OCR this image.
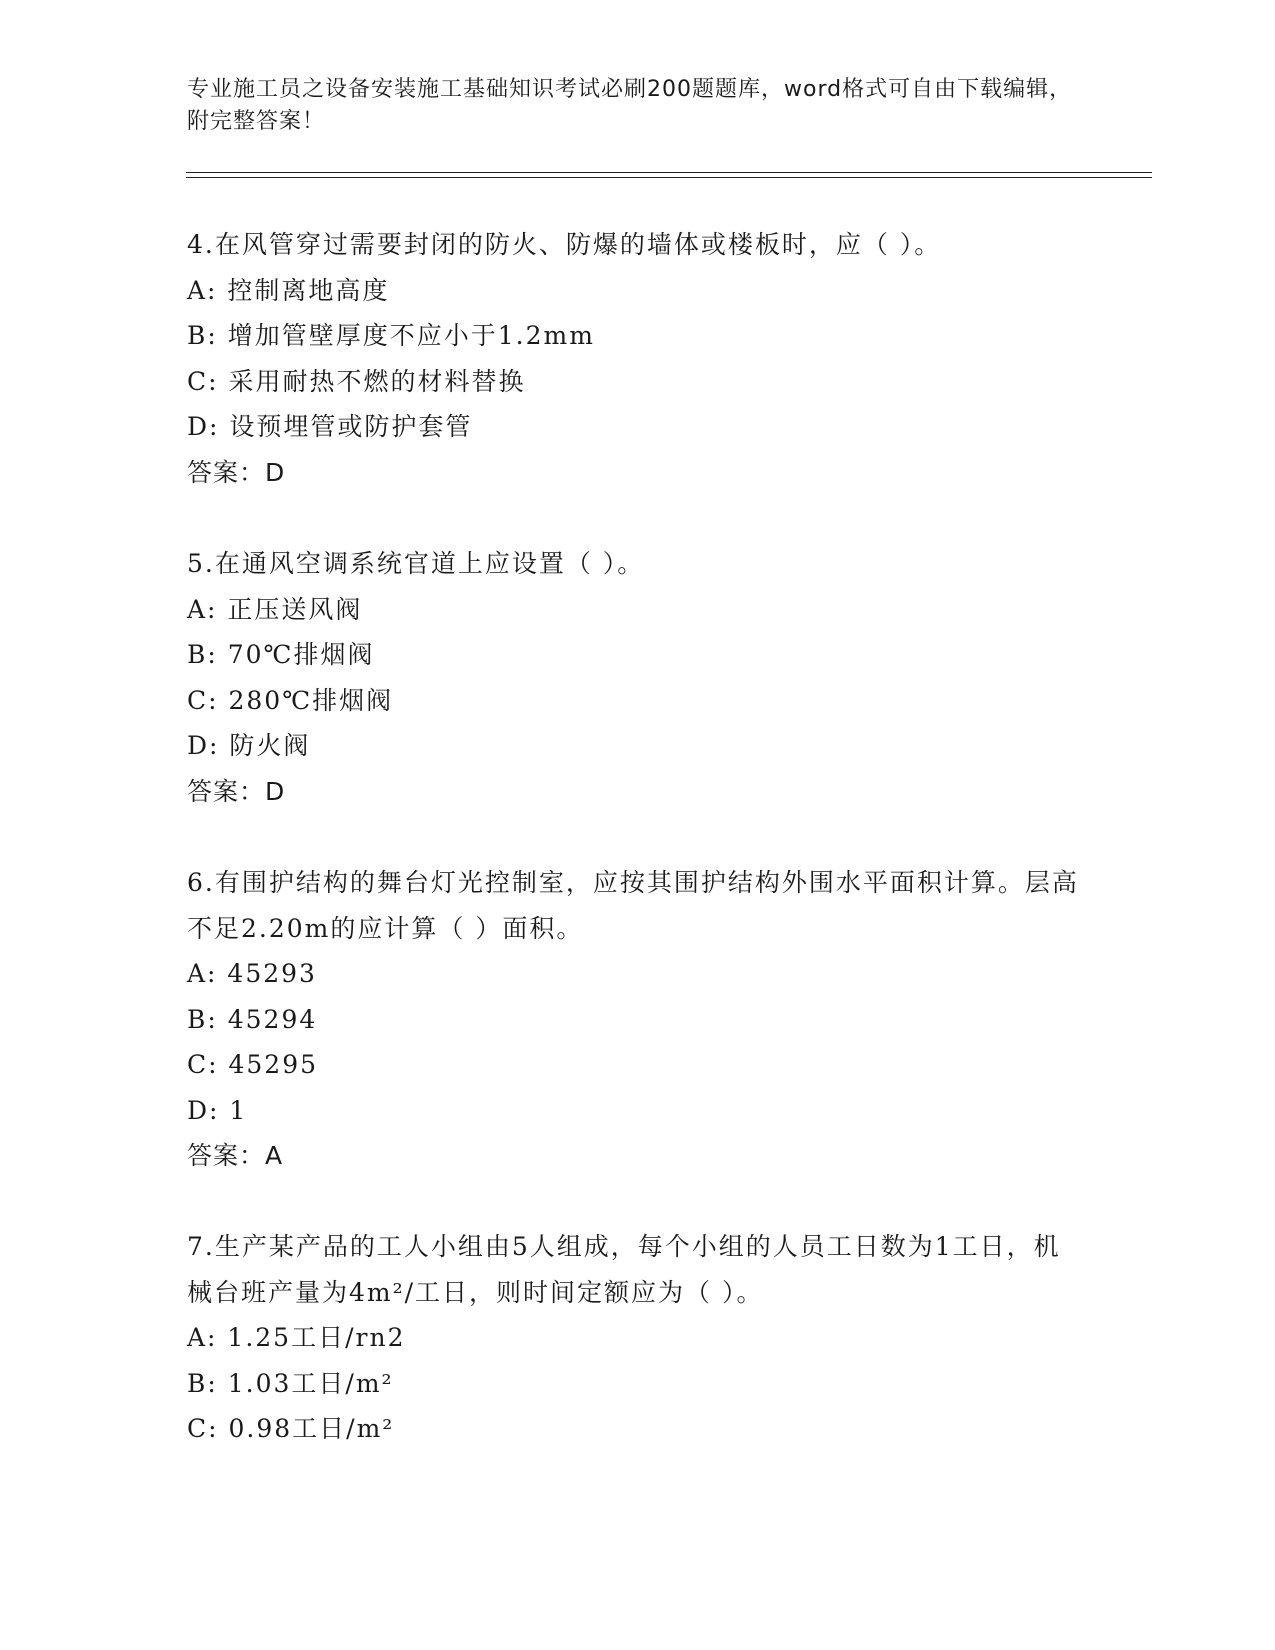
专业施工员之设备安装施工基础知识考试必刷200题题库，word格式可自由下载编辑，附完整答案！
4.在风管穿过需要封闭的防火、防爆的墙体或楼板时，应（ ）。
A: 控制离地高度
B: 增加管壁厚度不应小于1.2mm
C: 采用耐热不燃的材料替换
D: 设预埋管或防护套管
答案：D
5.在通风空调系统官道上应设置（ ）。
A: 正压送风阀
B: 70℃排烟阀
C: 280℃排烟阀
D: 防火阀
答案：D
6.有围护结构的舞台灯光控制室，应按其围护结构外围水平面积计算。层高不足2.20m的应计算（ ）面积。
A: 45293
B: 45294
C: 45295
D: 1
答案：A
7.生产某产品的工人小组由5人组成，每个小组的人员工日数为1工日，机械台班产量为4m²/工日，则时间定额应为（ ）。
A: 1.25工日/rn2
B: 1.03工日/m²
C: 0.98工日/m²
